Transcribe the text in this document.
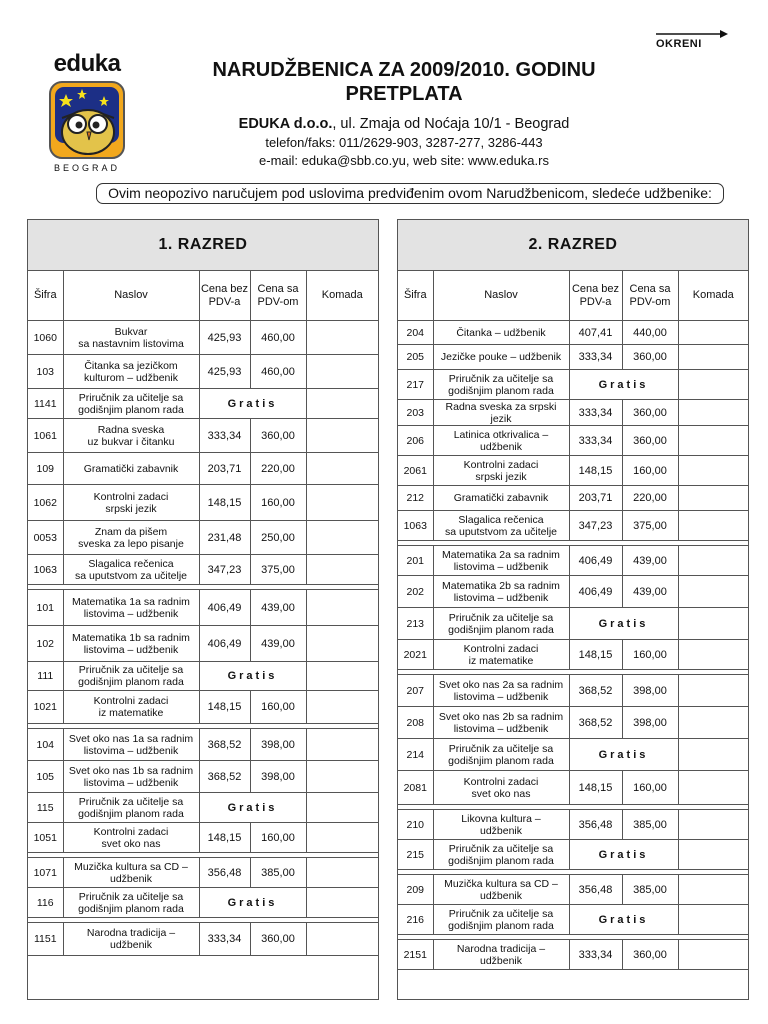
eduka
BEOGRAD
OKRENI
NARUDŽBENICA ZA 2009/2010. GODINU
PRETPLATA
EDUKA d.o.o., ul. Zmaja od Noćaja 10/1 - Beograd
telefon/faks: 011/2629-903, 3287-277, 3286-443
e-mail: eduka@sbb.co.yu, web site: www.eduka.rs
Ovim neopozivo naručujem pod uslovima predviđenim ovom Narudžbenicom, sledeće udžbenike:
1. RAZRED
Šifra	Naslov	Cena bez PDV-a	Cena sa PDV-om	Komada
1060	Bukvar
sa nastavnim listovima	425,93	460,00	
103	Čitanka sa jezičkom
kulturom – udžbenik	425,93	460,00	
1141	Priručnik za učitelje sa
godišnjim planom rada	Gratis		
1061	Radna sveska
uz bukvar i čitanku	333,34	360,00	
109	Gramatički zabavnik	203,71	220,00	
1062	Kontrolni zadaci
srpski jezik	148,15	160,00	
0053	Znam da pišem
sveska za lepo pisanje	231,48	250,00	
1063	Slagalica rečenica
sa uputstvom za učitelje	347,23	375,00	

101	Matematika 1a sa radnim
listovima – udžbenik	406,49	439,00	
102	Matematika 1b sa radnim
listovima – udžbenik	406,49	439,00	
111	Priručnik za učitelje sa
godišnjim planom rada	Gratis		
1021	Kontrolni zadaci
iz matematike	148,15	160,00	

104	Svet oko nas 1a sa radnim
listovima – udžbenik	368,52	398,00	
105	Svet oko nas 1b sa radnim
listovima – udžbenik	368,52	398,00	
115	Priručnik za učitelje sa
godišnjim planom rada	Gratis		
1051	Kontrolni zadaci
svet oko nas	148,15	160,00	

1071	Muzička kultura sa CD –
udžbenik	356,48	385,00	
116	Priručnik za učitelje sa
godišnjim planom rada	Gratis		

1151	Narodna tradicija –
udžbenik	333,34	360,00	
2. RAZRED
Šifra	Naslov	Cena bez PDV-a	Cena sa PDV-om	Komada
204	Čitanka – udžbenik	407,41	440,00	
205	Jezičke pouke – udžbenik	333,34	360,00	
217	Priručnik za učitelje sa
godišnjim planom rada	Gratis		
203	Radna sveska za srpski jezik	333,34	360,00	
206	Latinica otkrivalica –
udžbenik	333,34	360,00	
2061	Kontrolni zadaci
srpski jezik	148,15	160,00	
212	Gramatički zabavnik	203,71	220,00	
1063	Slagalica rečenica
sa uputstvom za učitelje	347,23	375,00	

201	Matematika 2a sa radnim
listovima – udžbenik	406,49	439,00	
202	Matematika 2b sa radnim
listovima – udžbenik	406,49	439,00	
213	Priručnik za učitelje sa
godišnjim planom rada	Gratis		
2021	Kontrolni zadaci
iz matematike	148,15	160,00	

207	Svet oko nas 2a sa radnim
listovima – udžbenik	368,52	398,00	
208	Svet oko nas 2b sa radnim
listovima – udžbenik	368,52	398,00	
214	Priručnik za učitelje sa
godišnjim planom rada	Gratis		
2081	Kontrolni zadaci
svet oko nas	148,15	160,00	

210	Likovna kultura –
udžbenik	356,48	385,00	
215	Priručnik za učitelje sa
godišnjim planom rada	Gratis		

209	Muzička kultura sa CD –
udžbenik	356,48	385,00	
216	Priručnik za učitelje sa
godišnjim planom rada	Gratis		

2151	Narodna tradicija –
udžbenik	333,34	360,00	
